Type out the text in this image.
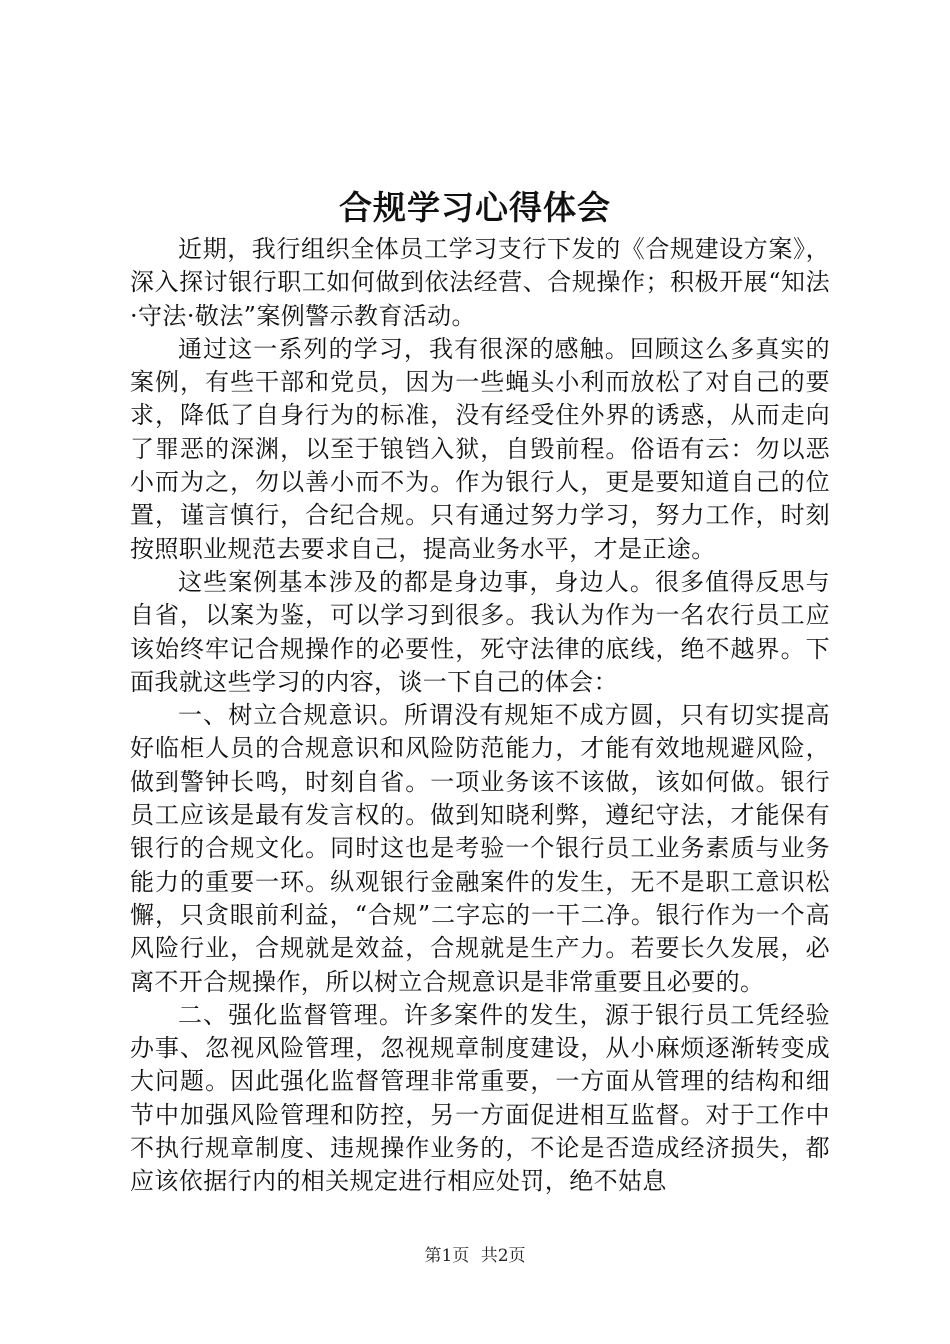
合规学习心得体会

近期，我行组织全体员工学习支行下发的《合规建设方案》，深入探讨银行职工如何做到依法经营、合规操作；积极开展“知法·守法·敬法”案例警示教育活动。

通过这一系列的学习，我有很深的感触。回顾这么多真实的案例，有些干部和党员，因为一些蝇头小利而放松了对自己的要求，降低了自身行为的标准，没有经受住外界的诱惑，从而走向了罪恶的深渊，以至于锒铛入狱，自毁前程。俗语有云：勿以恶小而为之，勿以善小而不为。作为银行人，更是要知道自己的位置，谨言慎行，合纪合规。只有通过努力学习，努力工作，时刻按照职业规范去要求自己，提高业务水平，才是正途。

这些案例基本涉及的都是身边事，身边人。很多值得反思与自省，以案为鉴，可以学习到很多。我认为作为一名农行员工应该始终牢记合规操作的必要性，死守法律的底线，绝不越界。下面我就这些学习的内容，谈一下自己的体会：

一、树立合规意识。所谓没有规矩不成方圆，只有切实提高好临柜人员的合规意识和风险防范能力，才能有效地规避风险，做到警钟长鸣，时刻自省。一项业务该不该做，该如何做。银行员工应该是最有发言权的。做到知晓利弊，遵纪守法，才能保有银行的合规文化。同时这也是考验一个银行员工业务素质与业务能力的重要一环。纵观银行金融案件的发生，无不是职工意识松懈，只贪眼前利益，“合规”二字忘的一干二净。银行作为一个高风险行业，合规就是效益，合规就是生产力。若要长久发展，必离不开合规操作，所以树立合规意识是非常重要且必要的。

二、强化监督管理。许多案件的发生，源于银行员工凭经验办事、忽视风险管理，忽视规章制度建设，从小麻烦逐渐转变成大问题。因此强化监督管理非常重要，一方面从管理的结构和细节中加强风险管理和防控，另一方面促进相互监督。对于工作中不执行规章制度、违规操作业务的，不论是否造成经济损失，都应该依据行内的相关规定进行相应处罚，绝不姑息

第1页 共2页
